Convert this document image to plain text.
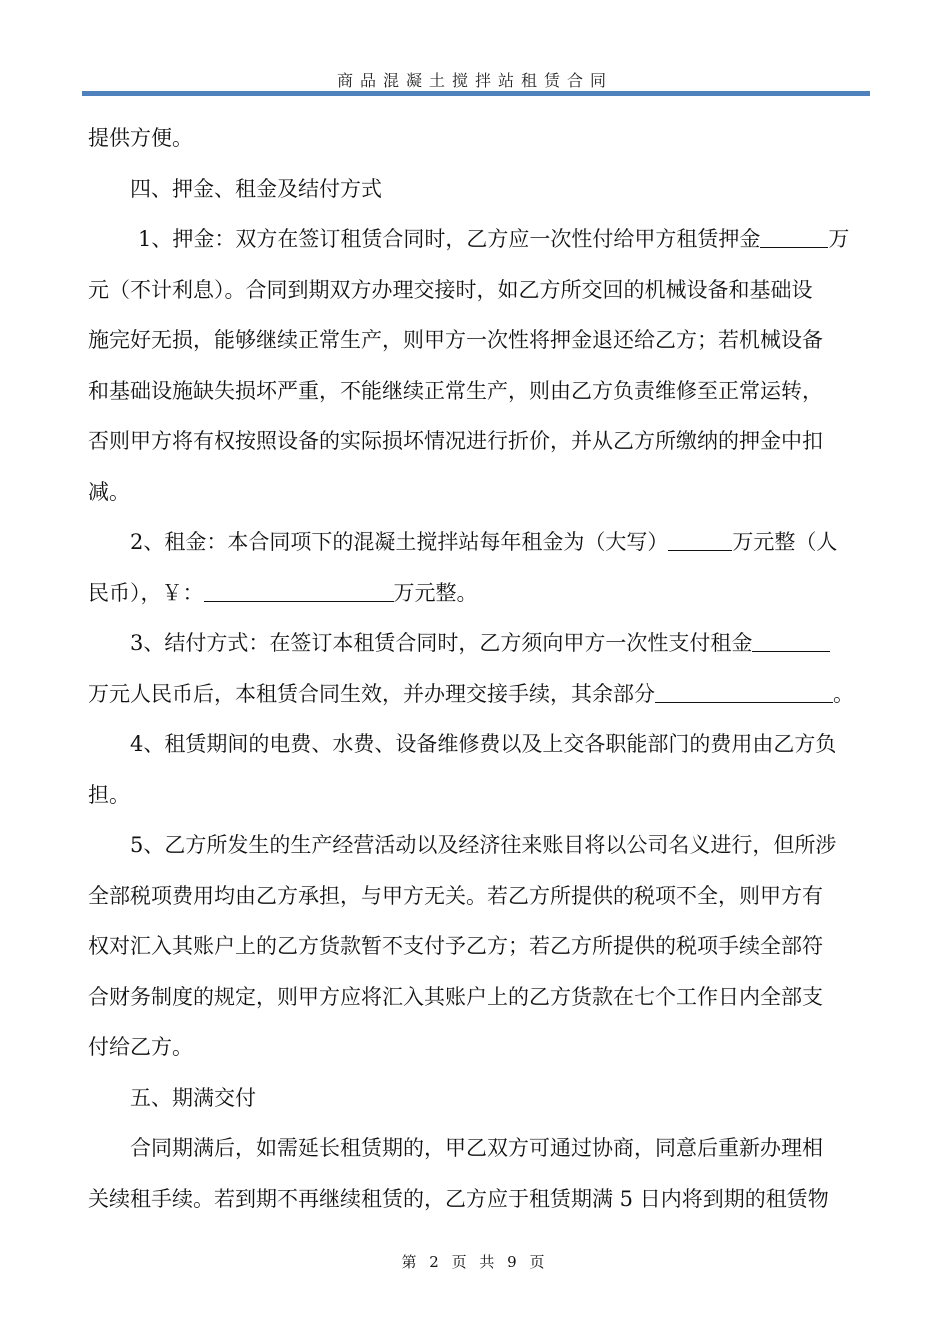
商品混凝土搅拌站租赁合同

提供方便。

四、押金、租金及结付方式

1、押金：双方在签订租赁合同时，乙方应一次性付给甲方租赁押金	万

元（不计利息）。合同到期双方办理交接时，如乙方所交回的机械设备和基础设

施完好无损，能够继续正常生产，则甲方一次性将押金退还给乙方；若机械设备

和基础设施缺失损坏严重，不能继续正常生产，则由乙方负责维修至正常运转，

否则甲方将有权按照设备的实际损坏情况进行折价，并从乙方所缴纳的押金中扣

减。

2、租金：本合同项下的混凝土搅拌站每年租金为（大写）	万元整（人

民币），￥：	万元整。

3、结付方式：在签订本租赁合同时，乙方须向甲方一次性支付租金

万元人民币后，本租赁合同生效，并办理交接手续，其余部分	。

4、租赁期间的电费、水费、设备维修费以及上交各职能部门的费用由乙方负

担。

5、乙方所发生的生产经营活动以及经济往来账目将以公司名义进行，但所涉

全部税项费用均由乙方承担，与甲方无关。若乙方所提供的税项不全，则甲方有

权对汇入其账户上的乙方货款暂不支付予乙方；若乙方所提供的税项手续全部符

合财务制度的规定，则甲方应将汇入其账户上的乙方货款在七个工作日内全部支

付给乙方。

五、期满交付

合同期满后，如需延长租赁期的，甲乙双方可通过协商，同意后重新办理相

关续租手续。若到期不再继续租赁的，乙方应于租赁期满 5 日内将到期的租赁物

第 2 页 共 9 页
